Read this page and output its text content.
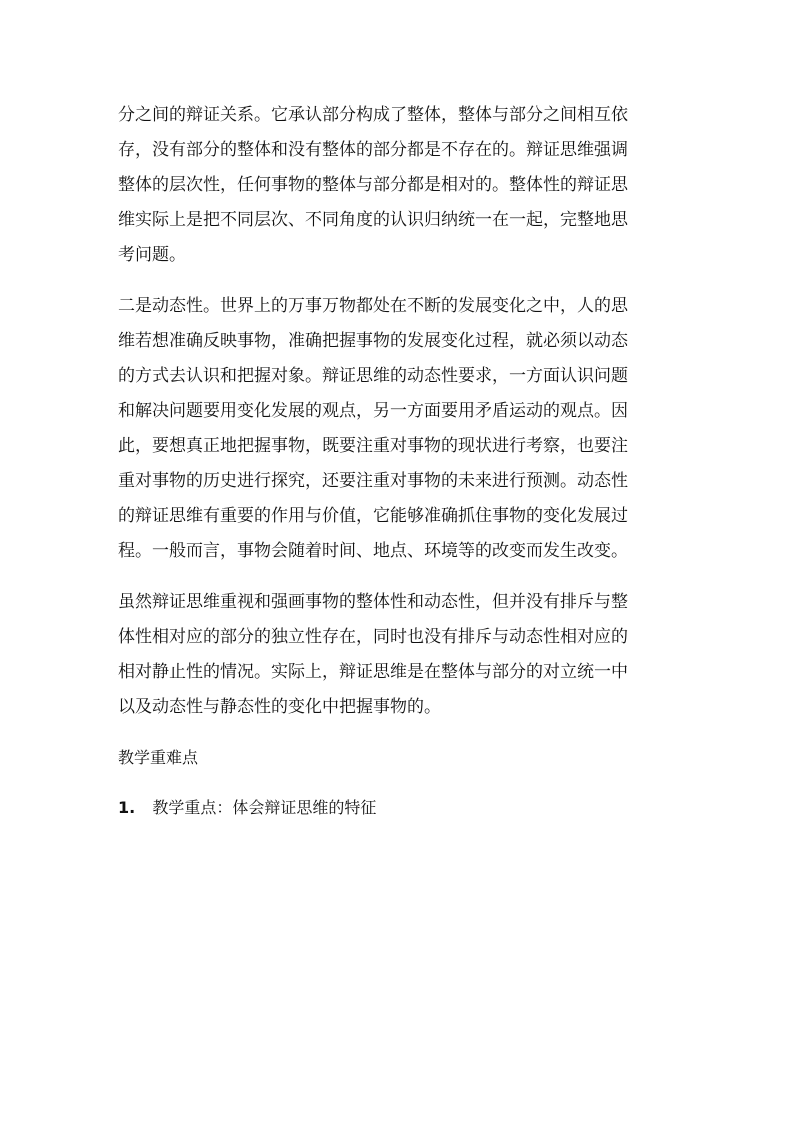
分之间的辩证关系。它承认部分构成了整体，整体与部分之间相互依
存，没有部分的整体和没有整体的部分都是不存在的。辩证思维强调
整体的层次性，任何事物的整体与部分都是相对的。整体性的辩证思
维实际上是把不同层次、不同角度的认识归纳统一在一起，完整地思
考问题。
二是动态性。世界上的万事万物都处在不断的发展变化之中，人的思
维若想准确反映事物，准确把握事物的发展变化过程，就必须以动态
的方式去认识和把握对象。辩证思维的动态性要求，一方面认识问题
和解决问题要用变化发展的观点，另一方面要用矛盾运动的观点。因
此，要想真正地把握事物，既要注重对事物的现状进行考察，也要注
重对事物的历史进行探究，还要注重对事物的未来进行预测。动态性
的辩证思维有重要的作用与价值，它能够准确抓住事物的变化发展过
程。一般而言，事物会随着时间、地点、环境等的改变而发生改变。
虽然辩证思维重视和强画事物的整体性和动态性，但并没有排斥与整
体性相对应的部分的独立性存在，同时也没有排斥与动态性相对应的
相对静止性的情况。实际上，辩证思维是在整体与部分的对立统一中
以及动态性与静态性的变化中把握事物的。
教学重难点
1. 教学重点：体会辩证思维的特征
